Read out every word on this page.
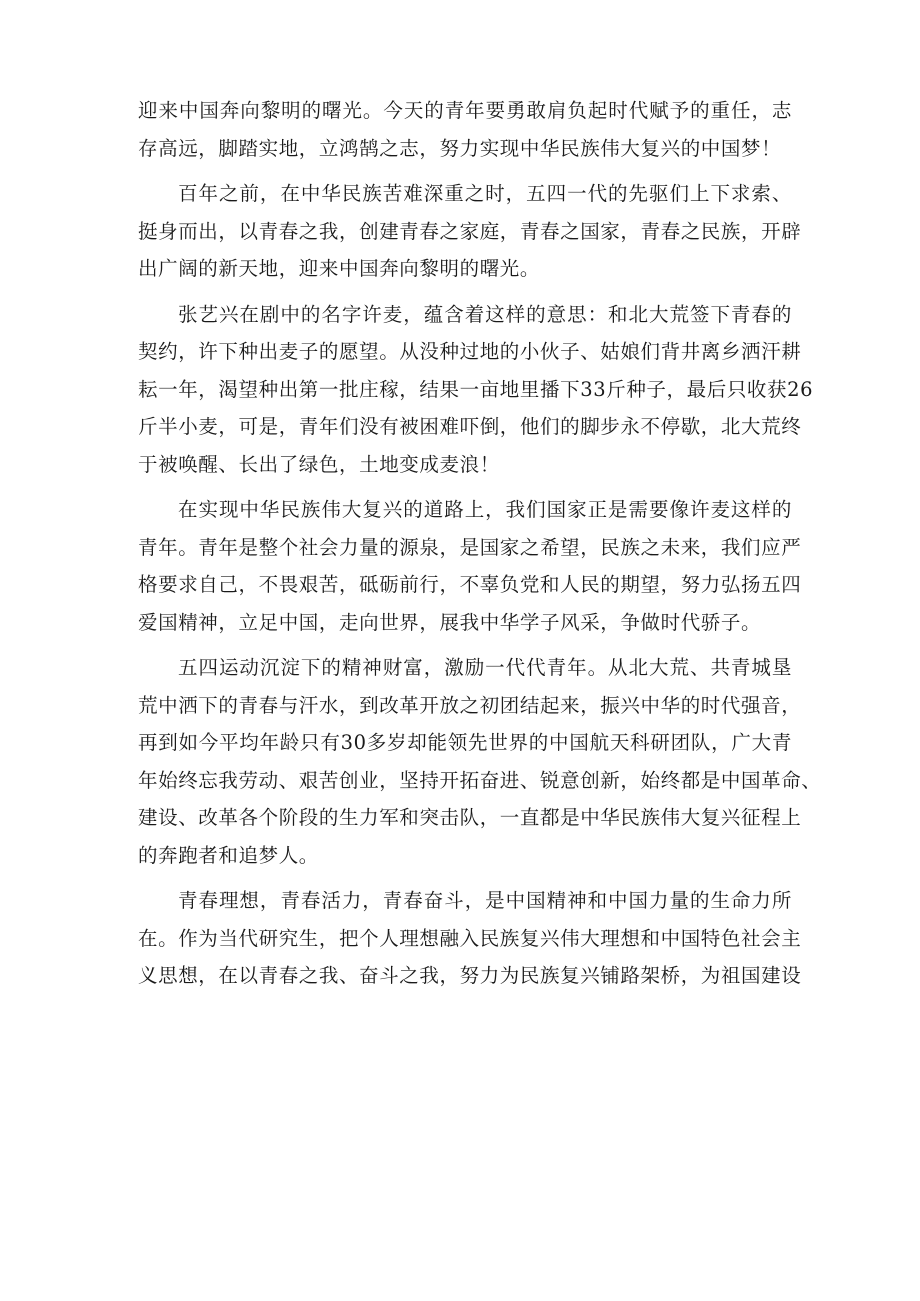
迎来中国奔向黎明的曙光。今天的青年要勇敢肩负起时代赋予的重任，志
存高远，脚踏实地，立鸿鹄之志，努力实现中华民族伟大复兴的中国梦！
百年之前，在中华民族苦难深重之时，五四一代的先驱们上下求索、
挺身而出，以青春之我，创建青春之家庭，青春之国家，青春之民族，开辟
出广阔的新天地，迎来中国奔向黎明的曙光。
张艺兴在剧中的名字许麦，蕴含着这样的意思：和北大荒签下青春的
契约，许下种出麦子的愿望。从没种过地的小伙子、姑娘们背井离乡洒汗耕
耘一年，渴望种出第一批庄稼，结果一亩地里播下33斤种子，最后只收获26
斤半小麦，可是，青年们没有被困难吓倒，他们的脚步永不停歇，北大荒终
于被唤醒、长出了绿色，土地变成麦浪！
在实现中华民族伟大复兴的道路上，我们国家正是需要像许麦这样的
青年。青年是整个社会力量的源泉，是国家之希望，民族之未来，我们应严
格要求自己，不畏艰苦，砥砺前行，不辜负党和人民的期望，努力弘扬五四
爱国精神，立足中国，走向世界，展我中华学子风采，争做时代骄子。
五四运动沉淀下的精神财富，激励一代代青年。从北大荒、共青城垦
荒中洒下的青春与汗水，到改革开放之初团结起来，振兴中华的时代强音，
再到如今平均年龄只有30多岁却能领先世界的中国航天科研团队，广大青
年始终忘我劳动、艰苦创业，坚持开拓奋进、锐意创新，始终都是中国革命、
建设、改革各个阶段的生力军和突击队，一直都是中华民族伟大复兴征程上
的奔跑者和追梦人。
青春理想，青春活力，青春奋斗，是中国精神和中国力量的生命力所
在。作为当代研究生，把个人理想融入民族复兴伟大理想和中国特色社会主
义思想，在以青春之我、奋斗之我，努力为民族复兴铺路架桥，为祖国建设
